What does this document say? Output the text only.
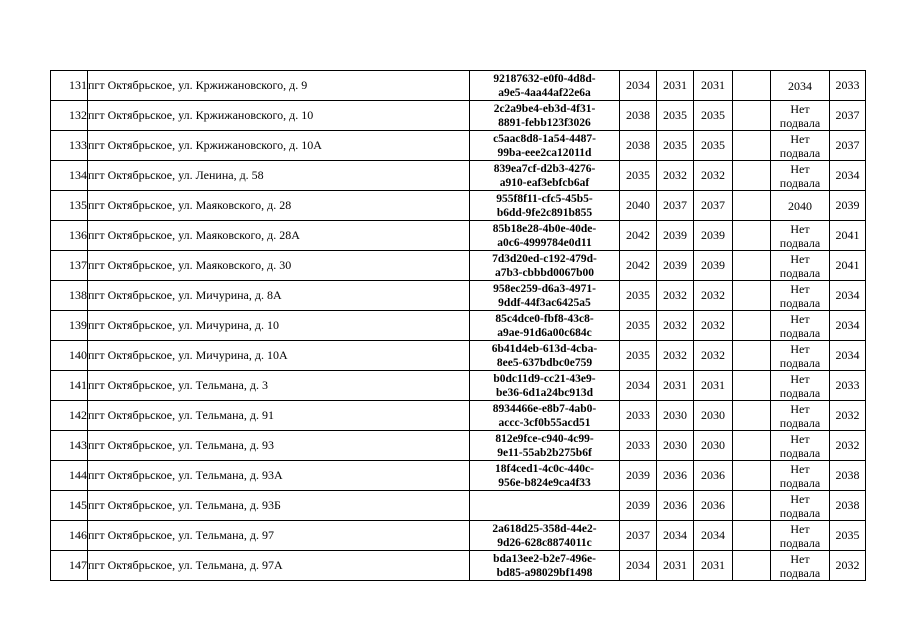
131	пгт Октябрьское, ул. Кржижановского, д. 9	92187632-e0f0-4d8d-
a9e5-4aa44af22e6a	2034	2031	2031		2034	2033
132	пгт Октябрьское, ул. Кржижановского, д. 10	2c2a9be4-eb3d-4f31-
8891-febb123f3026	2038	2035	2035		Нет
подвала	2037
133	пгт Октябрьское, ул. Кржижановского, д. 10А	c5aac8d8-1a54-4487-
99ba-eee2ca12011d	2038	2035	2035		Нет
подвала	2037
134	пгт Октябрьское, ул. Ленина, д. 58	839ea7cf-d2b3-4276-
a910-eaf3ebfcb6af	2035	2032	2032		Нет
подвала	2034
135	пгт Октябрьское, ул. Маяковского, д. 28	955f8f11-cfc5-45b5-
b6dd-9fe2c891b855	2040	2037	2037		2040	2039
136	пгт Октябрьское, ул. Маяковского, д. 28А	85b18e28-4b0e-40de-
a0c6-4999784e0d11	2042	2039	2039		Нет
подвала	2041
137	пгт Октябрьское, ул. Маяковского, д. 30	7d3d20ed-c192-479d-
a7b3-cbbbd0067b00	2042	2039	2039		Нет
подвала	2041
138	пгт Октябрьское, ул. Мичурина, д. 8А	958ec259-d6a3-4971-
9ddf-44f3ac6425a5	2035	2032	2032		Нет
подвала	2034
139	пгт Октябрьское, ул. Мичурина, д. 10	85c4dce0-fbf8-43c8-
a9ae-91d6a00c684c	2035	2032	2032		Нет
подвала	2034
140	пгт Октябрьское, ул. Мичурина, д. 10А	6b41d4eb-613d-4cba-
8ee5-637bdbc0e759	2035	2032	2032		Нет
подвала	2034
141	пгт Октябрьское, ул. Тельмана, д. 3	b0dc11d9-cc21-43e9-
be36-6d1a24bc913d	2034	2031	2031		Нет
подвала	2033
142	пгт Октябрьское, ул. Тельмана, д. 91	8934466e-e8b7-4ab0-
accc-3cf0b55acd51	2033	2030	2030		Нет
подвала	2032
143	пгт Октябрьское, ул. Тельмана, д. 93	812e9fce-c940-4c99-
9e11-55ab2b275b6f	2033	2030	2030		Нет
подвала	2032
144	пгт Октябрьское, ул. Тельмана, д. 93А	18f4ced1-4c0c-440c-
956e-b824e9ca4f33	2039	2036	2036		Нет
подвала	2038
145	пгт Октябрьское, ул. Тельмана, д. 93Б		2039	2036	2036		Нет
подвала	2038
146	пгт Октябрьское, ул. Тельмана, д. 97	2a618d25-358d-44e2-
9d26-628c8874011c	2037	2034	2034		Нет
подвала	2035
147	пгт Октябрьское, ул. Тельмана, д. 97А	bda13ee2-b2e7-496e-
bd85-a98029bf1498	2034	2031	2031		Нет
подвала	2032
